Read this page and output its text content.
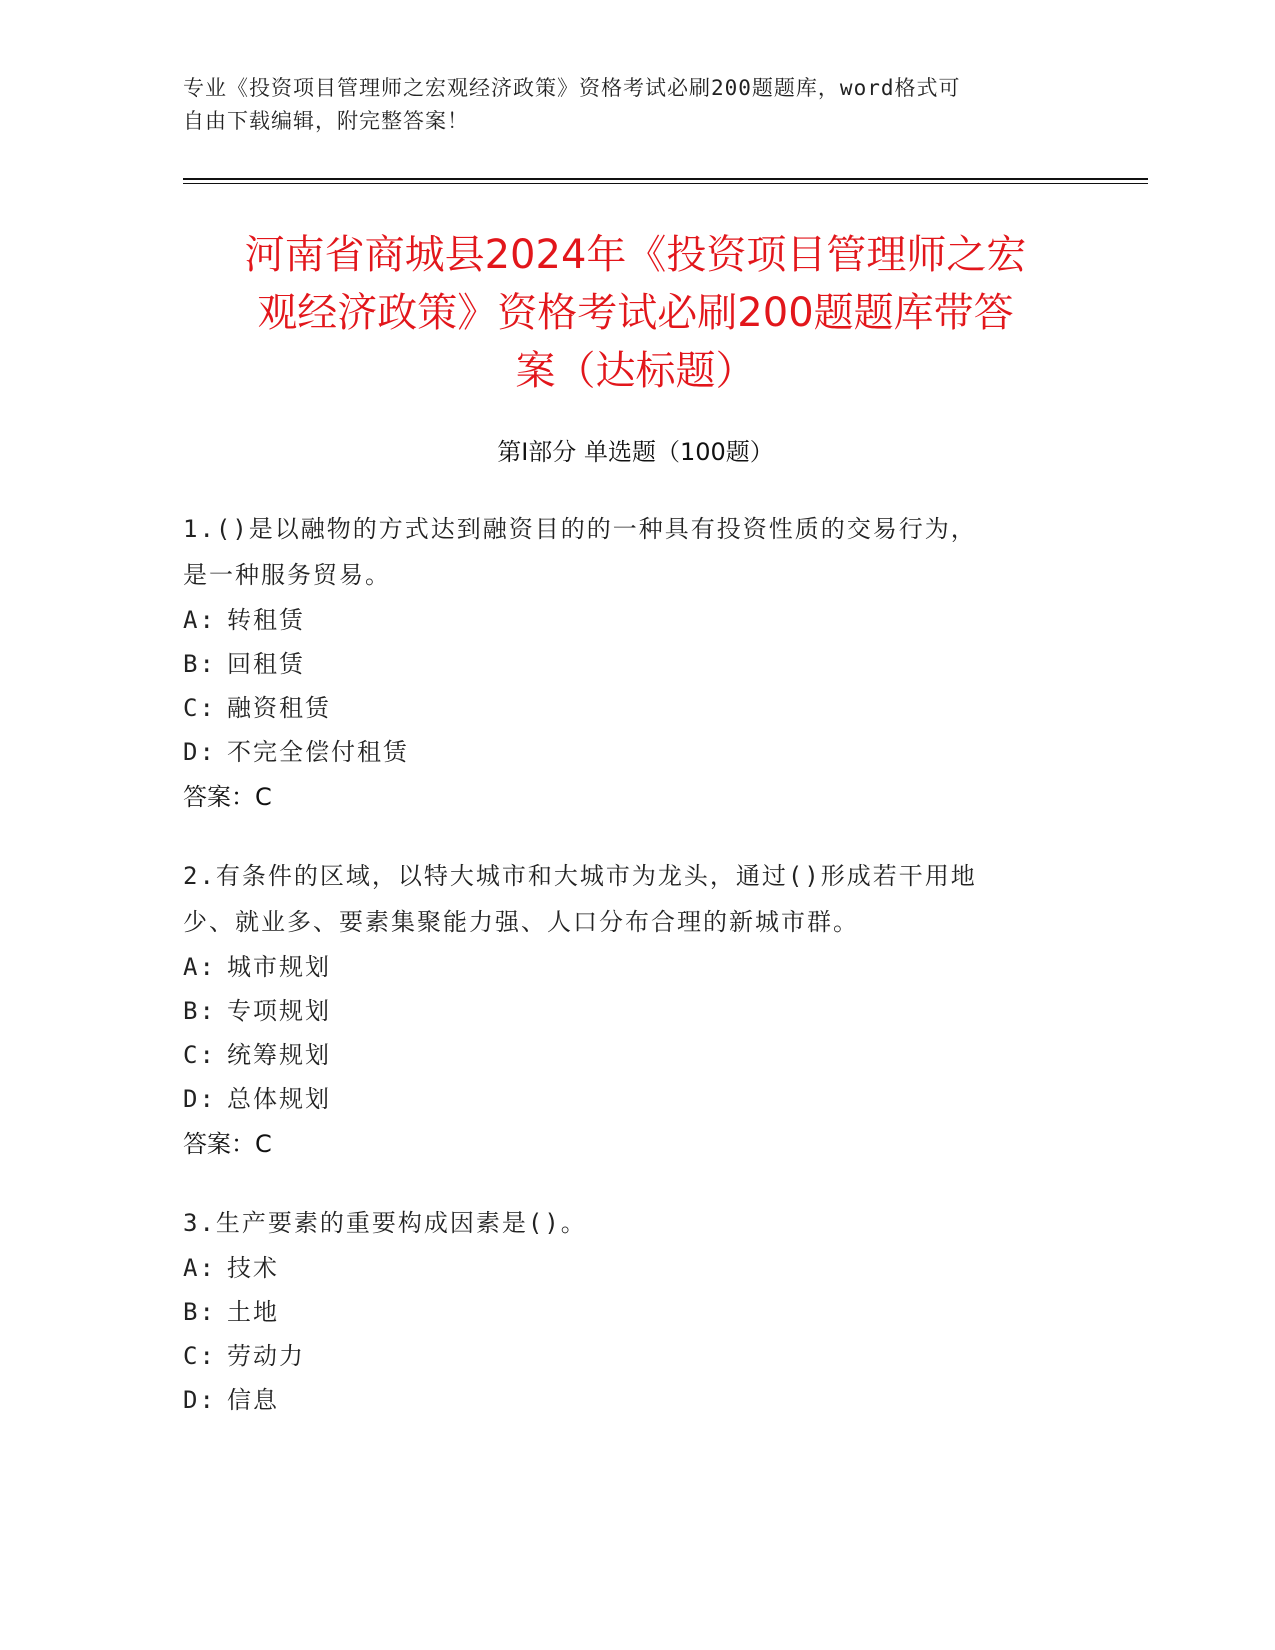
专业《投资项目管理师之宏观经济政策》资格考试必刷200题题库，word格式可
自由下载编辑，附完整答案！
河南省商城县2024年《投资项目管理师之宏
观经济政策》资格考试必刷200题题库带答
案（达标题）
第Ⅰ部分 单选题（100题）
1.()是以融物的方式达到融资目的的一种具有投资性质的交易行为，
是一种服务贸易。
A: 转租赁
B: 回租赁
C: 融资租赁
D: 不完全偿付租赁
答案：C
2.有条件的区域，以特大城市和大城市为龙头，通过()形成若干用地
少、就业多、要素集聚能力强、人口分布合理的新城市群。
A: 城市规划
B: 专项规划
C: 统筹规划
D: 总体规划
答案：C
3.生产要素的重要构成因素是()。
A: 技术
B: 土地
C: 劳动力
D: 信息
